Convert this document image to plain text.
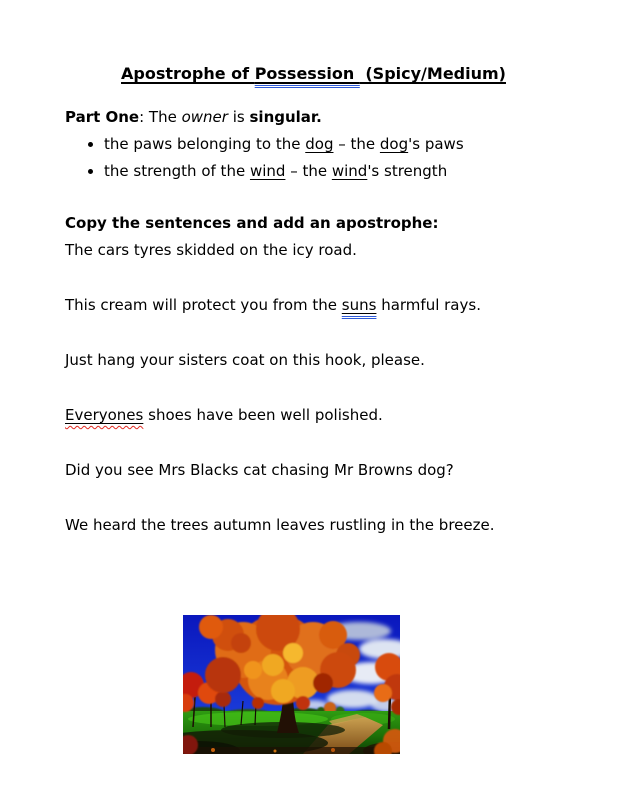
Apostrophe of Possession  (Spicy/Medium)

Part One: The owner is singular.

• the paws belonging to the dog – the dog's paws
• the strength of the wind – the wind's strength

Copy the sentences and add an apostrophe:

The cars tyres skidded on the icy road.

This cream will protect you from the suns harmful rays.

Just hang your sisters coat on this hook, please.

Everyones shoes have been well polished.

Did you see Mrs Blacks cat chasing Mr Browns dog?

We heard the trees autumn leaves rustling in the breeze.
